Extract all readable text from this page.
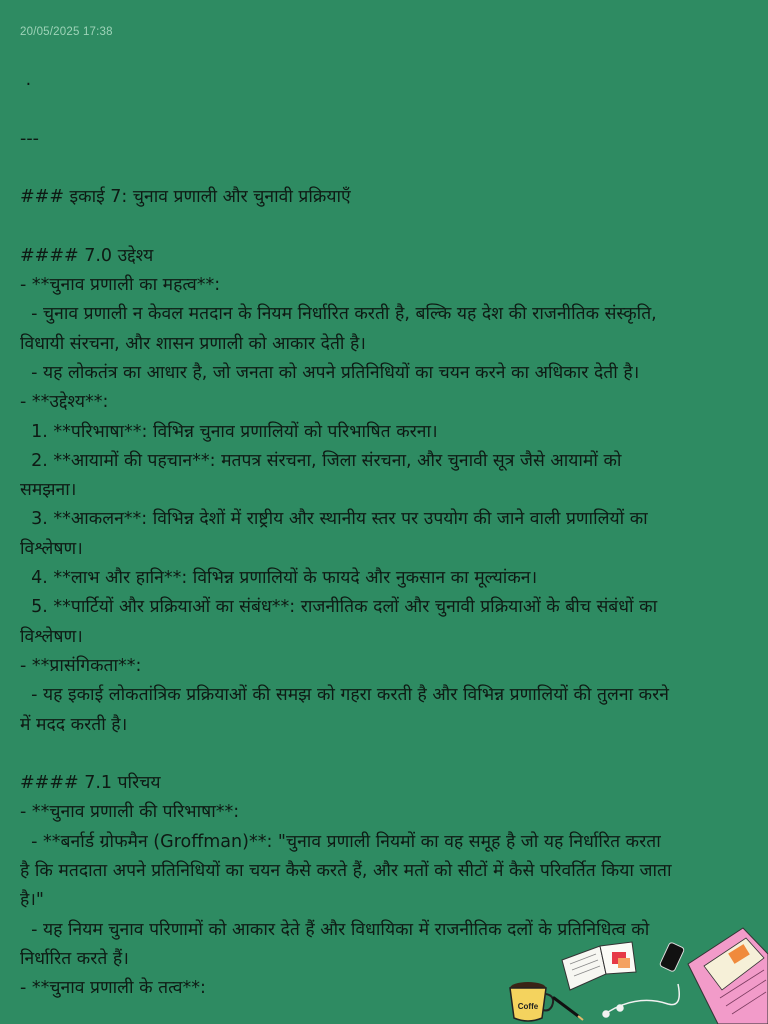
20/05/2025 17:38
.
---
### इकाई 7: चुनाव प्रणाली और चुनावी प्रक्रियाएँ
#### 7.0 उद्देश्य
- **चुनाव प्रणाली का महत्व**:
- चुनाव प्रणाली न केवल मतदान के नियम निर्धारित करती है, बल्कि यह देश की राजनीतिक संस्कृति,
विधायी संरचना, और शासन प्रणाली को आकार देती है।
- यह लोकतंत्र का आधार है, जो जनता को अपने प्रतिनिधियों का चयन करने का अधिकार देती है।
- **उद्देश्य**:
1. **परिभाषा**: विभिन्न चुनाव प्रणालियों को परिभाषित करना।
2. **आयामों की पहचान**: मतपत्र संरचना, जिला संरचना, और चुनावी सूत्र जैसे आयामों को
समझना।
3. **आकलन**: विभिन्न देशों में राष्ट्रीय और स्थानीय स्तर पर उपयोग की जाने वाली प्रणालियों का
विश्लेषण।
4. **लाभ और हानि**: विभिन्न प्रणालियों के फायदे और नुकसान का मूल्यांकन।
5. **पार्टियों और प्रक्रियाओं का संबंध**: राजनीतिक दलों और चुनावी प्रक्रियाओं के बीच संबंधों का
विश्लेषण।
- **प्रासंगिकता**:
- यह इकाई लोकतांत्रिक प्रक्रियाओं की समझ को गहरा करती है और विभिन्न प्रणालियों की तुलना करने
में मदद करती है।
#### 7.1 परिचय
- **चुनाव प्रणाली की परिभाषा**:
- **बर्नार्ड ग्रोफमैन (Groffman)**: "चुनाव प्रणाली नियमों का वह समूह है जो यह निर्धारित करता
है कि मतदाता अपने प्रतिनिधियों का चयन कैसे करते हैं, और मतों को सीटों में कैसे परिवर्तित किया जाता
है।"
- यह नियम चुनाव परिणामों को आकार देते हैं और विधायिका में राजनीतिक दलों के प्रतिनिधित्व को
निर्धारित करते हैं।
- **चुनाव प्रणाली के तत्व**:
Coffe
